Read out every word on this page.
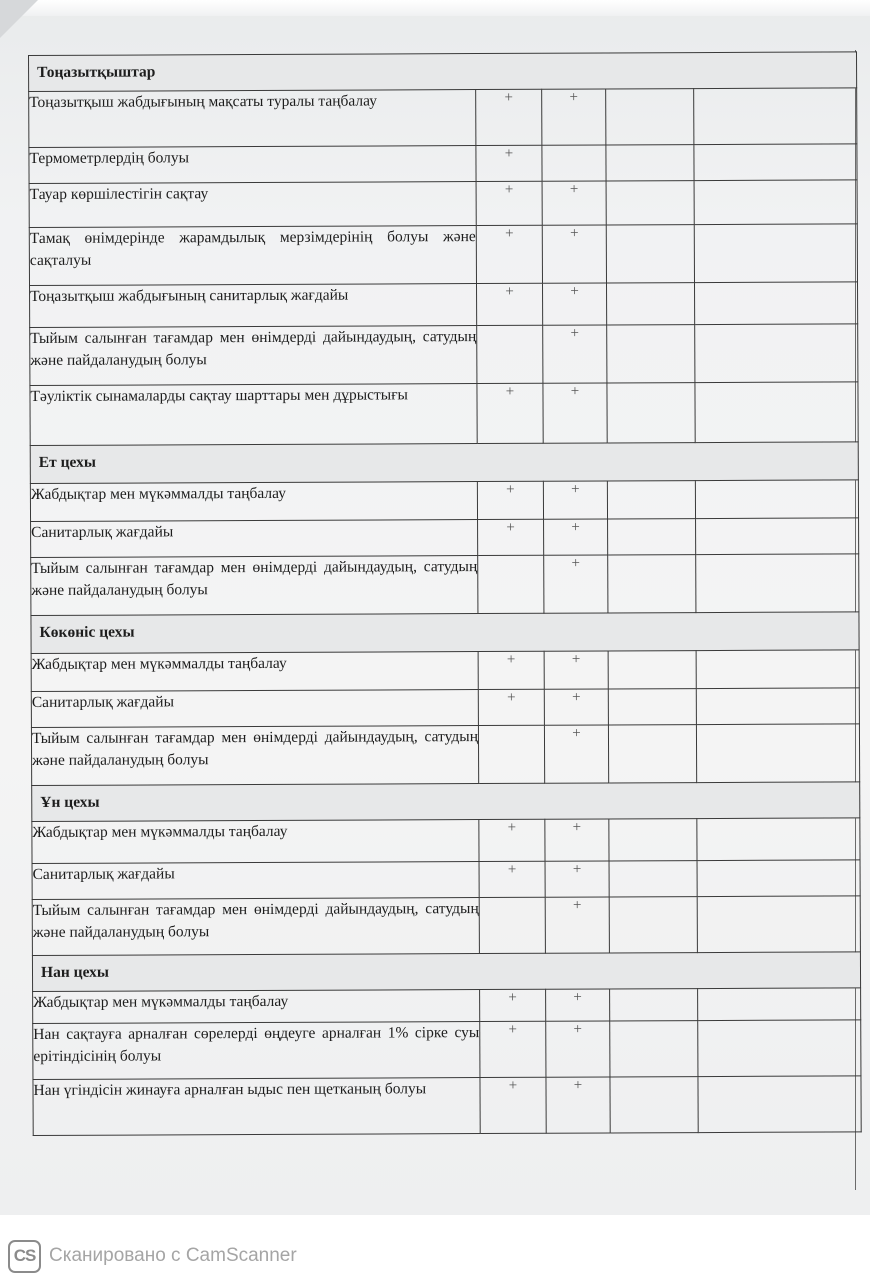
Тоңазытқыштар				

Тоңазытқыш жабдығының мақсаты туралы таңбалау	+	+		

Термометрлердің болуы	+			

Тауар көршілестігін сақтау	+	+		

Тамақ өнімдерінде жарамдылық мерзімдерінің болуы және сақталуы	+	+		

Тоңазытқыш жабдығының санитарлық жағдайы	+	+		

Тыйым салынған тағамдар мен өнімдерді дайындаудың, сатудың және пайдаланудың болуы		+		

Тәуліктік сынамаларды сақтау шарттары мен дұрыстығы	+	+		
Ет цехы				

Жабдықтар мен мүкәммалды таңбалау	+	+		

Санитарлық жағдайы	+	+		

Тыйым салынған тағамдар мен өнімдерді дайындаудың, сатудың және пайдаланудың болуы		+		
Көкөніс цехы				

Жабдықтар мен мүкәммалды таңбалау	+	+		

Санитарлық жағдайы	+	+		

Тыйым салынған тағамдар мен өнімдерді дайындаудың, сатудың және пайдаланудың болуы		+		
Ұн цехы				

Жабдықтар мен мүкәммалды таңбалау	+	+		

Санитарлық жағдайы	+	+		

Тыйым салынған тағамдар мен өнімдерді дайындаудың, сатудың және пайдаланудың болуы		+		
Нан цехы				

Жабдықтар мен мүкәммалды таңбалау	+	+		

Нан сақтауға арналған сөрелерді өңдеуге арналған 1% сірке суы ерітіндісінің болуы	+	+		

Нан үгіндісін жинауға арналған ыдыс пен щетканың болуы	+	+		
CS Сканировано с CamScanner
